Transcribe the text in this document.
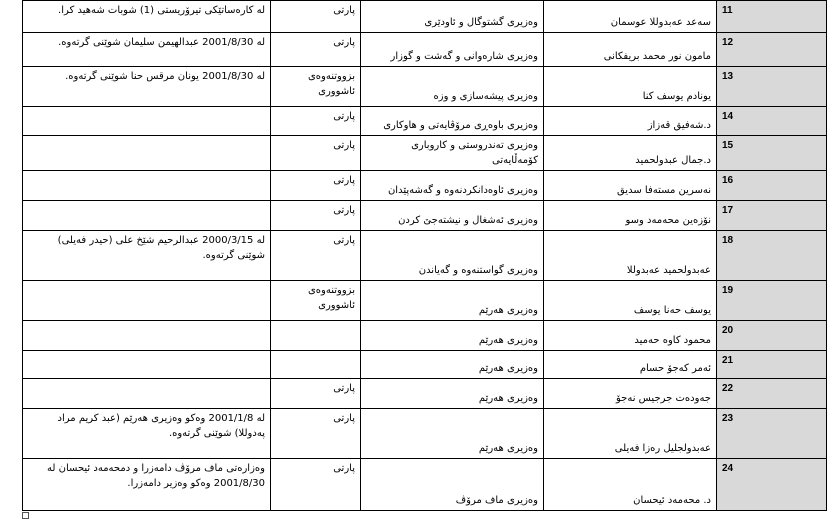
لە کارەساتێکی تیرۆریستی (1) شوبات شەهید کرا.	پارتی	وەزیری گشتوگال و ئاودێری	سەعد عەبدوللا عوسمان	11
لە 2001/8/30 عبدالهیمن سلیمان شوێنی گرتەوە.	پارتی	وەزیری شارەوانی و گەشت و گوزار	مامون نور محمد بریفکانی	12
لە 2001/8/30 یونان مرقس حنا شوێنی گرتەوە.	بزووتنەوەی ئاشووری	وەزیری پیشەسازی و وزە	یونادم یوسف کنا	13
	پارتی	وەزیری باوەڕی مرۆڤایەتی و هاوکاری	د.شەفیق قەزاز	14
	پارتی	وەزیری تەندروستی و کاروباری کۆمەڵایەتی	د.جمال عبدولحمید	15
	پارتی	وەزیری ئاوەدانکردنەوە و گەشەپێدان	نەسرین مستەفا سدیق	16
	پارتی	وەزیری ئەشغال و نیشتەجێ کردن	نۆزەین محەمەد وسو	17
لە 2000/3/15 عبدالرحیم شێخ علی (حیدر فەیلی) شوێنی گرتەوە.	پارتی	وەزیری گواستنەوە و گەیاندن	عەبدولحمید عەبدوللا	18
	بزووتنەوەی ئاشووری	وەزیری هەرێم	یوسف حەنا یوسف	19
		وەزیری هەرێم	محمود کاوە حەمید	20
		وەزیری هەرێم	ئەمر کەجۆ حسام	21
	پارتی	وەزیری هەرێم	جەودەت جرجیس نەجۆ	22
لە 2001/1/8 وەکو وەزیری هەرێم (عبد کریم مراد پەدوللا) شوێنی گرتەوە.	پارتی	وەزیری هەرێم	عەبدولجلیل رەزا فەیلی	23
وەزارەتی ماف مرۆڤ دامەزرا و دمحەمەد ئیحسان لە 2001/8/30 وەکو وەزیر دامەزرا.	پارتی	وەزیری ماف مرۆڤ	د. محەمەد ئیحسان	24
